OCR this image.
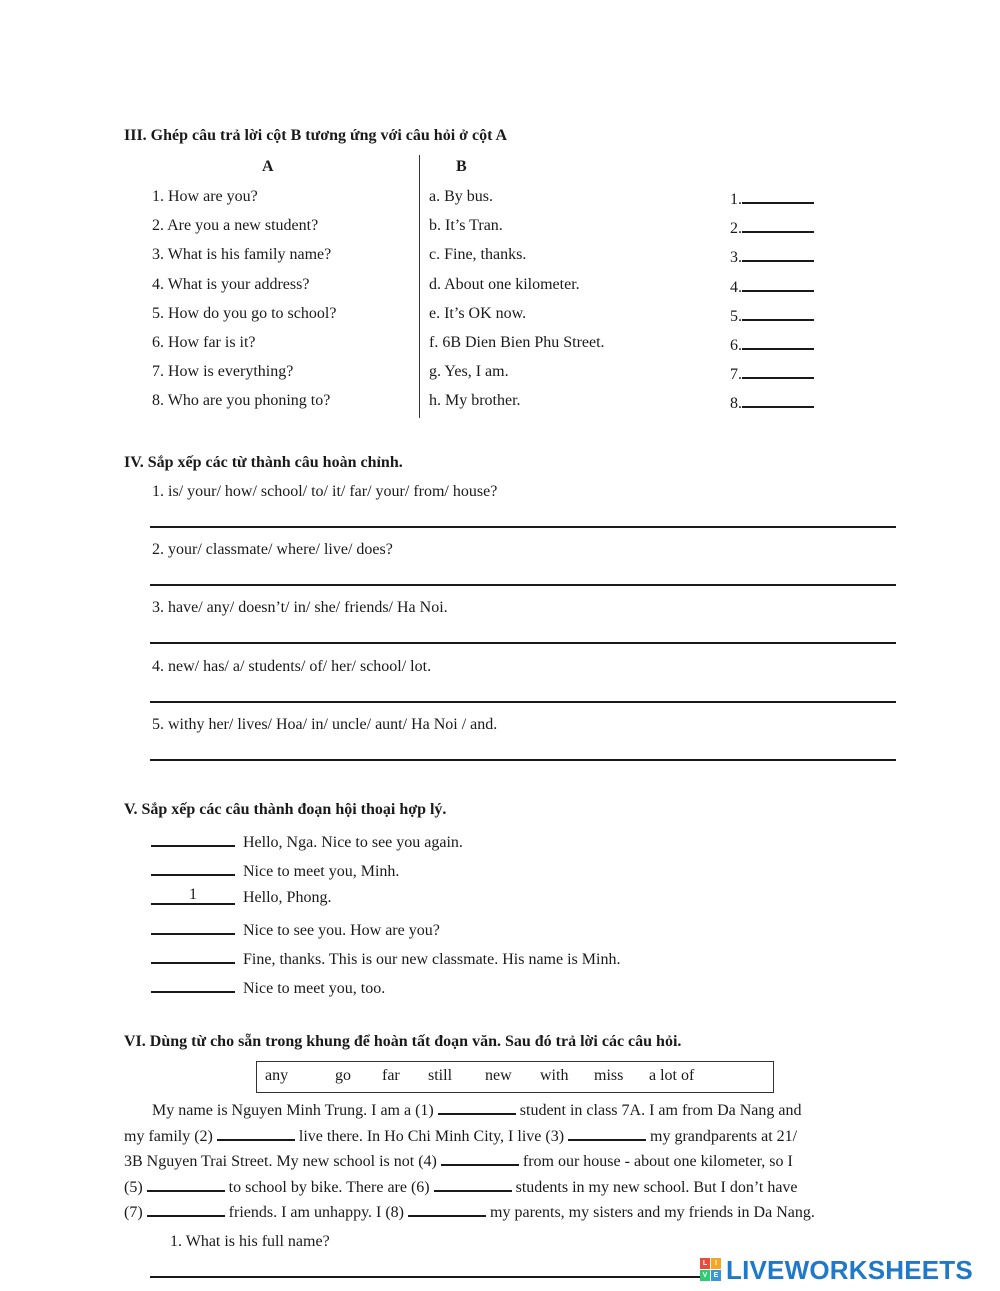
III. Ghép câu trả lời cột B tương ứng với câu hỏi ở cột A
A	B
1. How are you?	a. By bus.	1.
2. Are you a new student?	b. It’s Tran.	2.
3. What is his family name?	c. Fine, thanks.	3.
4. What is your address?	d. About one kilometer.	4.
5. How do you go to school?	e. It’s OK now.	5.
6. How far is it?	f. 6B Dien Bien Phu Street.	6.
7. How is everything?	g. Yes, I am.	7.
8. Who are you phoning to?	h. My brother.	8.
IV. Sắp xếp các từ thành câu hoàn chỉnh.
1. is/ your/ how/ school/ to/ it/ far/ your/ from/ house?
2. your/ classmate/ where/ live/ does?
3. have/ any/ doesn’t/ in/ she/ friends/ Ha Noi.
4. new/ has/ a/ students/ of/ her/ school/ lot.
5. withy her/ lives/ Hoa/ in/ uncle/ aunt/ Ha Noi / and.
V. Sắp xếp các câu thành đoạn hội thoại hợp lý.
Hello, Nga. Nice to see you again.
Nice to meet you, Minh.
1	Hello, Phong.
Nice to see you. How are you?
Fine, thanks. This is our new classmate. His name is Minh.
Nice to meet you, too.
VI. Dùng từ cho sẵn trong khung để hoàn tất đoạn văn. Sau đó trả lời các câu hỏi.
any	go far still new with miss a lot of
My name is Nguyen Minh Trung. I am a (1)	student in class 7A. I am from Da Nang and
my family (2)	live there. In Ho Chi Minh City, I live (3)	my grandparents at 21/
3B Nguyen Trai Street. My new school is not (4)	from our house - about one kilometer, so I
(5)	to school by bike. There are (6)	students in my new school. But I don’t have
(7)	friends. I am unhappy. I (8)	my parents, my sisters and my friends in Da Nang.
1. What is his full name?
L	I
V E LIVEWORKSHEETS
